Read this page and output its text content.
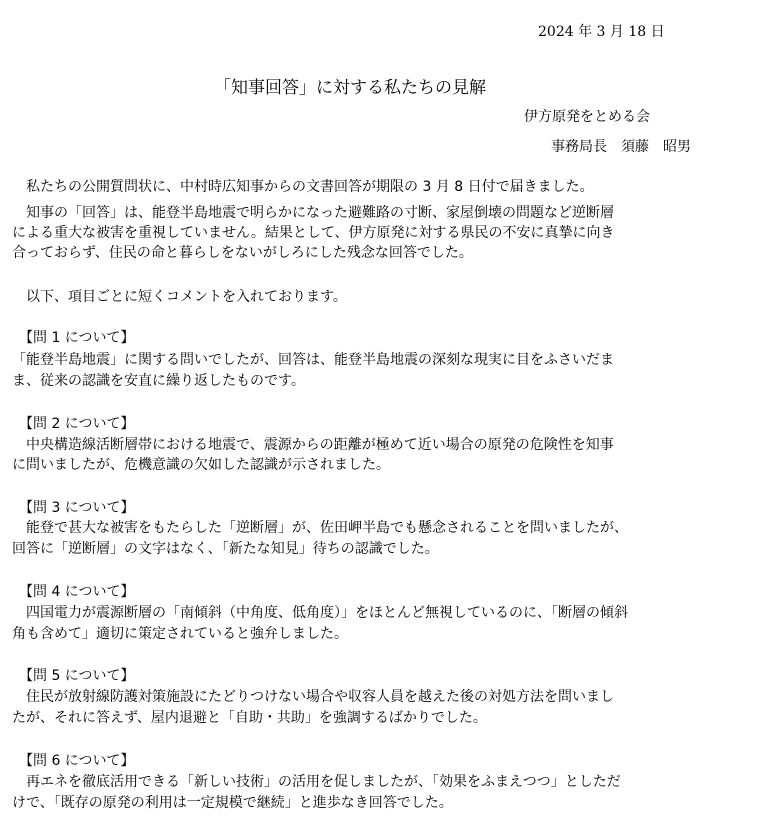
2024 年 3 月 18 日
「知事回答」に対する私たちの見解
伊方原発をとめる会
事務局長　須藤　昭男
　私たちの公開質問状に、中村時広知事からの文書回答が期限の 3 月 8 日付で届きました。
　知事の「回答」は、能登半島地震で明らかになった避難路の寸断、家屋倒壊の問題など逆断層
による重大な被害を重視していません。結果として、伊方原発に対する県民の不安に真摯に向き
合っておらず、住民の命と暮らしをないがしろにした残念な回答でした。
　以下、項目ごとに短くコメントを入れております。
　【問 1 について】
「能登半島地震」に関する問いでしたが、回答は、能登半島地震の深刻な現実に目をふさいだま
ま、従来の認識を安直に繰り返したものです。
　【問 2 について】
　中央構造線活断層帯における地震で、震源からの距離が極めて近い場合の原発の危険性を知事
に問いましたが、危機意識の欠如した認識が示されました。
　【問 3 について】
　能登で甚大な被害をもたらした「逆断層」が、佐田岬半島でも懸念されることを問いましたが、
回答に「逆断層」の文字はなく、「新たな知見」待ちの認識でした。
　【問 4 について】
　四国電力が震源断層の「南傾斜（中角度、低角度）」をほとんど無視しているのに、「断層の傾斜
角も含めて」適切に策定されていると強弁しました。
　【問 5 について】
　住民が放射線防護対策施設にたどりつけない場合や収容人員を越えた後の対処方法を問いまし
たが、それに答えず、屋内退避と「自助・共助」を強調するばかりでした。
　【問 6 について】
　再エネを徹底活用できる「新しい技術」の活用を促しましたが、「効果をふまえつつ」としただ
けで、「既存の原発の利用は一定規模で継続」と進歩なき回答でした。
